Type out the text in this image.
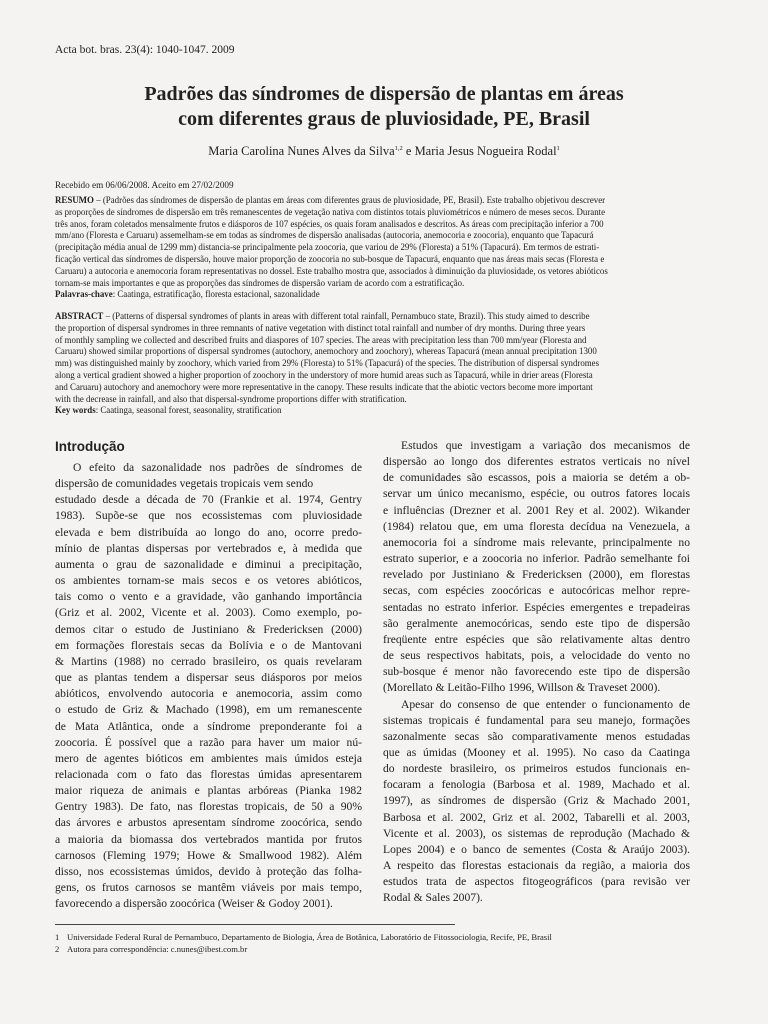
Acta bot. bras. 23(4): 1040-1047. 2009
Padrões das síndromes de dispersão de plantas em áreas
com diferentes graus de pluviosidade, PE, Brasil
Maria Carolina Nunes Alves da Silva$^{1,2}$ e Maria Jesus Nogueira Rodal$^1$
Recebido em 06/06/2008. Aceito em 27/02/2009
RESUMO – (Padrões das síndromes de dispersão de plantas em áreas com diferentes graus de pluviosidade, PE, Brasil). Este trabalho objetivou descrever
as proporções de síndromes de dispersão em três remanescentes de vegetação nativa com distintos totais pluviométricos e número de meses secos. Durante
três anos, foram coletados mensalmente frutos e diásporos de 107 espécies, os quais foram analisados e descritos. As áreas com precipitação inferior a 700
mm/ano (Floresta e Caruaru) assemelham-se em todas as síndromes de dispersão analisadas (autocoria, anemocoria e zoocoria), enquanto que Tapacurá
(precipitação média anual de 1299 mm) distancia-se principalmente pela zoocoria, que variou de 29% (Floresta) a 51% (Tapacurá). Em termos de estrati-
ficação vertical das síndromes de dispersão, houve maior proporção de zoocoria no sub-bosque de Tapacurá, enquanto que nas áreas mais secas (Floresta e
Caruaru) a autocoria e anemocoria foram representativas no dossel. Este trabalho mostra que, associados à diminuição da pluviosidade, os vetores abióticos
tornam-se mais importantes e que as proporções das síndromes de dispersão variam de acordo com a estratificação.
Palavras-chave: Caatinga, estratificação, floresta estacional, sazonalidade
ABSTRACT – (Patterns of dispersal syndromes of plants in areas with different total rainfall, Pernambuco state, Brazil). This study aimed to describe
the proportion of dispersal syndromes in three remnants of native vegetation with distinct total rainfall and number of dry months. During three years
of monthly sampling we collected and described fruits and diaspores of 107 species. The areas with precipitation less than 700 mm/year (Floresta and
Caruaru) showed similar proportions of dispersal syndromes (autochory, anemochory and zoochory), whereas Tapacurá (mean annual precipitation 1300
mm) was distinguished mainly by zoochory, which varied from 29% (Floresta) to 51% (Tapacurá) of the species. The distribution of dispersal syndromes
along a vertical gradient showed a higher proportion of zoochory in the understory of more humid areas such as Tapacurá, while in drier areas (Floresta
and Caruaru) autochory and anemochory were more representative in the canopy. These results indicate that the abiotic vectors become more important
with the decrease in rainfall, and also that dispersal-syndrome proportions differ with stratification.
Key words: Caatinga, seasonal forest, seasonality, stratification
Introdução
O efeito da sazonalidade nos padrões de síndromes de
dispersão de comunidades vegetais tropicais vem sendo
estudado desde a década de 70 (Frankie et al. 1974, Gentry
1983). Supõe-se que nos ecossistemas com pluviosidade
elevada e bem distribuída ao longo do ano, ocorre predo-
mínio de plantas dispersas por vertebrados e, à medida que
aumenta o grau de sazonalidade e diminui a precipitação,
os ambientes tornam-se mais secos e os vetores abióticos,
tais como o vento e a gravidade, vão ganhando importância
(Griz et al. 2002, Vicente et al. 2003). Como exemplo, po-
demos citar o estudo de Justiniano & Fredericksen (2000)
em formações florestais secas da Bolívia e o de Mantovani
& Martins (1988) no cerrado brasileiro, os quais revelaram
que as plantas tendem a dispersar seus diásporos por meios
abióticos, envolvendo autocoria e anemocoria, assim como
o estudo de Griz & Machado (1998), em um remanescente
de Mata Atlântica, onde a síndrome preponderante foi a
zoocoria. É possível que a razão para haver um maior nú-
mero de agentes bióticos em ambientes mais úmidos esteja
relacionada com o fato das florestas úmidas apresentarem
maior riqueza de animais e plantas arbóreas (Pianka 1982
Gentry 1983). De fato, nas florestas tropicais, de 50 a 90%
das árvores e arbustos apresentam síndrome zoocórica, sendo
a maioria da biomassa dos vertebrados mantida por frutos
carnosos (Fleming 1979; Howe & Smallwood 1982). Além
disso, nos ecossistemas úmidos, devido à proteção das folha-
gens, os frutos carnosos se mantêm viáveis por mais tempo,
favorecendo a dispersão zoocórica (Weiser & Godoy 2001).
Estudos que investigam a variação dos mecanismos de
dispersão ao longo dos diferentes estratos verticais no nível
de comunidades são escassos, pois a maioria se detém a ob-
servar um único mecanismo, espécie, ou outros fatores locais
e influências (Drezner et al. 2001 Rey et al. 2002). Wikander
(1984) relatou que, em uma floresta decídua na Venezuela, a
anemocoria foi a síndrome mais relevante, principalmente no
estrato superior, e a zoocoria no inferior. Padrão semelhante foi
revelado por Justiniano & Fredericksen (2000), em florestas
secas, com espécies zoocóricas e autocóricas melhor repre-
sentadas no estrato inferior. Espécies emergentes e trepadeiras
são geralmente anemocóricas, sendo este tipo de dispersão
freqüente entre espécies que são relativamente altas dentro
de seus respectivos habitats, pois, a velocidade do vento no
sub-bosque é menor não favorecendo este tipo de dispersão
(Morellato & Leitão-Filho 1996, Willson & Traveset 2000).
Apesar do consenso de que entender o funcionamento de
sistemas tropicais é fundamental para seu manejo, formações
sazonalmente secas são comparativamente menos estudadas
que as úmidas (Mooney et al. 1995). No caso da Caatinga
do nordeste brasileiro, os primeiros estudos funcionais en-
focaram a fenologia (Barbosa et al. 1989, Machado et al.
1997), as síndromes de dispersão (Griz & Machado 2001,
Barbosa et al. 2002, Griz et al. 2002, Tabarelli et al. 2003,
Vicente et al. 2003), os sistemas de reprodução (Machado &
Lopes 2004) e o banco de sementes (Costa & Araújo 2003).
A respeito das florestas estacionais da região, a maioria dos
estudos trata de aspectos fitogeográficos (para revisão ver
Rodal & Sales 2007).
1 Universidade Federal Rural de Pernambuco, Departamento de Biologia, Área de Botânica, Laboratório de Fitossociologia, Recife, PE, Brasil
2 Autora para correspondência: c.nunes@ibest.com.br
